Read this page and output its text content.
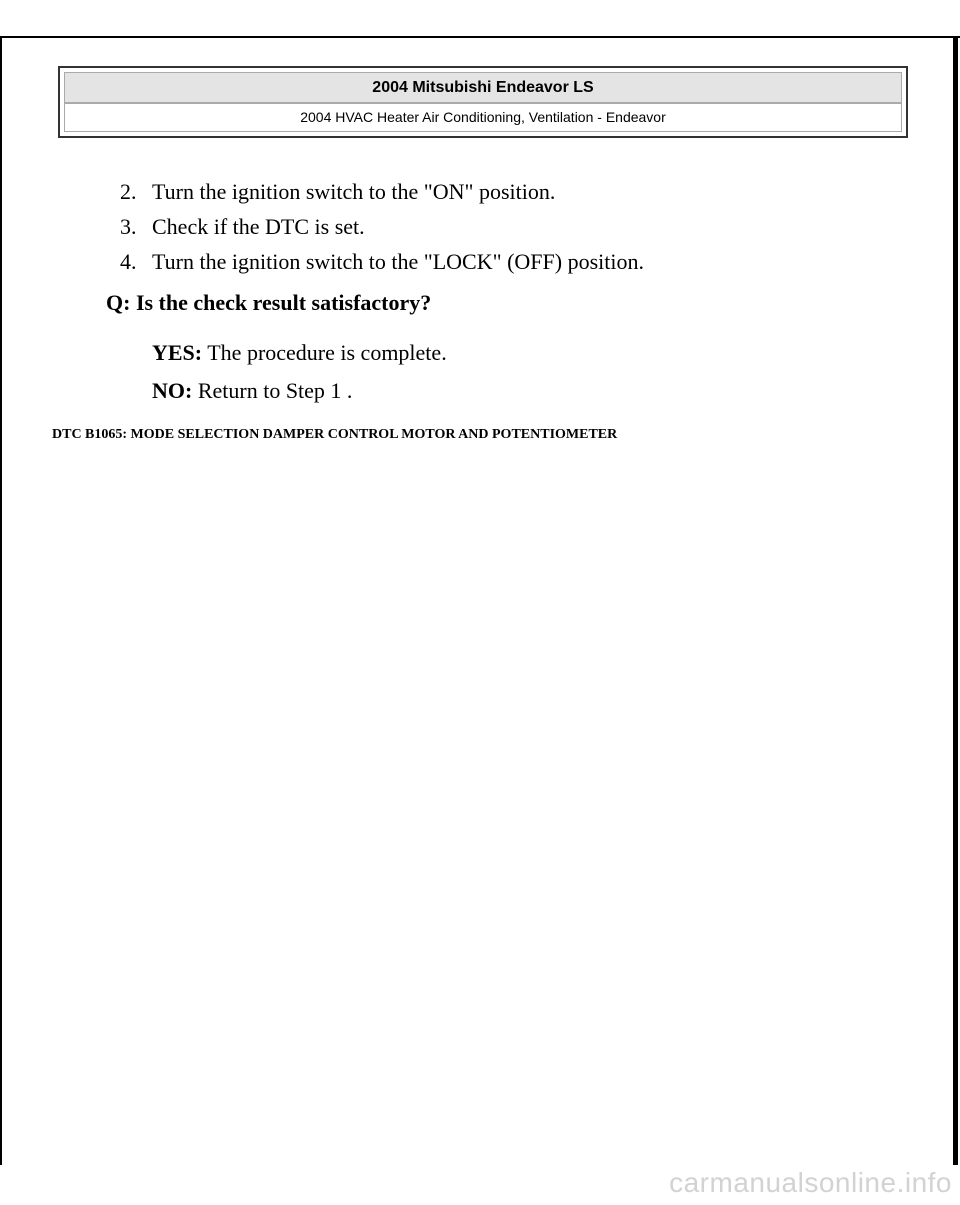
2004 Mitsubishi Endeavor LS
2004 HVAC Heater Air Conditioning, Ventilation - Endeavor
2. Turn the ignition switch to the "ON" position.
3. Check if the DTC is set.
4. Turn the ignition switch to the "LOCK" (OFF) position.
Q: Is the check result satisfactory?
YES: The procedure is complete.
NO: Return to Step 1 .
DTC B1065: MODE SELECTION DAMPER CONTROL MOTOR AND POTENTIOMETER
carmanualsonline.info
